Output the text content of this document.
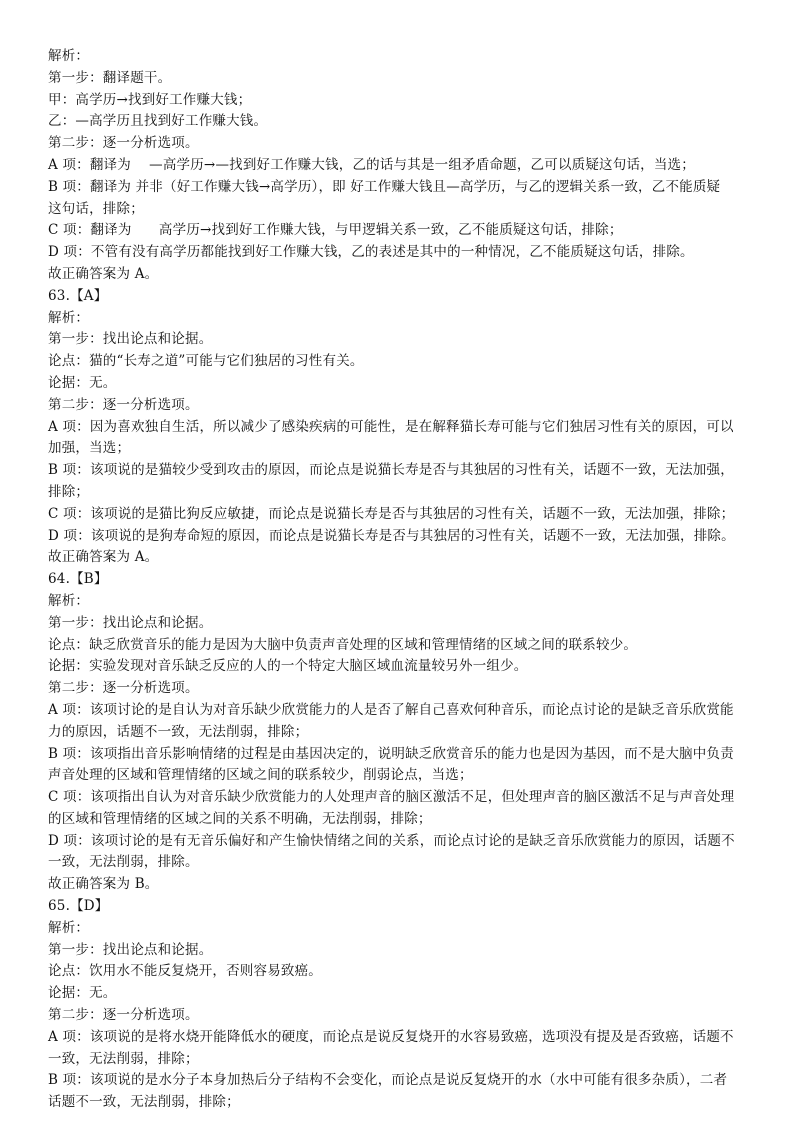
解析：
第一步：翻译题干。
甲：高学历→找到好工作赚大钱；
乙：—高学历且找到好工作赚大钱。
第二步：逐一分析选项。
A 项：翻译为　 —高学历→—找到好工作赚大钱，乙的话与其是一组矛盾命题，乙可以质疑这句话，当选；
B 项：翻译为 并非（好工作赚大钱→高学历），即 好工作赚大钱且—高学历，与乙的逻辑关系一致，乙不能质疑
这句话，排除；
C 项：翻译为　　高学历→找到好工作赚大钱，与甲逻辑关系一致，乙不能质疑这句话，排除；
D 项：不管有没有高学历都能找到好工作赚大钱，乙的表述是其中的一种情况，乙不能质疑这句话，排除。
故正确答案为 A。
63.【A】
解析：
第一步：找出论点和论据。
论点：猫的“长寿之道”可能与它们独居的习性有关。
论据：无。
第二步：逐一分析选项。
A 项：因为喜欢独自生活，所以减少了感染疾病的可能性，是在解释猫长寿可能与它们独居习性有关的原因，可以
加强，当选；
B 项：该项说的是猫较少受到攻击的原因，而论点是说猫长寿是否与其独居的习性有关，话题不一致，无法加强，
排除；
C 项：该项说的是猫比狗反应敏捷，而论点是说猫长寿是否与其独居的习性有关，话题不一致，无法加强，排除；
D 项：该项说的是狗寿命短的原因，而论点是说猫长寿是否与其独居的习性有关，话题不一致，无法加强，排除。
故正确答案为 A。
64.【B】
解析：
第一步：找出论点和论据。
论点：缺乏欣赏音乐的能力是因为大脑中负责声音处理的区域和管理情绪的区域之间的联系较少。
论据：实验发现对音乐缺乏反应的人的一个特定大脑区域血流量较另外一组少。
第二步：逐一分析选项。
A 项：该项讨论的是自认为对音乐缺少欣赏能力的人是否了解自己喜欢何种音乐，而论点讨论的是缺乏音乐欣赏能
力的原因，话题不一致，无法削弱，排除；
B 项：该项指出音乐影响情绪的过程是由基因决定的，说明缺乏欣赏音乐的能力也是因为基因，而不是大脑中负责
声音处理的区域和管理情绪的区域之间的联系较少，削弱论点，当选；
C 项：该项指出自认为对音乐缺少欣赏能力的人处理声音的脑区激活不足，但处理声音的脑区激活不足与声音处理
的区域和管理情绪的区域之间的关系不明确，无法削弱，排除；
D 项：该项讨论的是有无音乐偏好和产生愉快情绪之间的关系，而论点讨论的是缺乏音乐欣赏能力的原因，话题不
一致，无法削弱，排除。
故正确答案为 B。
65.【D】
解析：
第一步：找出论点和论据。
论点：饮用水不能反复烧开，否则容易致癌。
论据：无。
第二步：逐一分析选项。
A 项：该项说的是将水烧开能降低水的硬度，而论点是说反复烧开的水容易致癌，选项没有提及是否致癌，话题不
一致，无法削弱，排除；
B 项：该项说的是水分子本身加热后分子结构不会变化，而论点是说反复烧开的水（水中可能有很多杂质），二者
话题不一致，无法削弱，排除；
